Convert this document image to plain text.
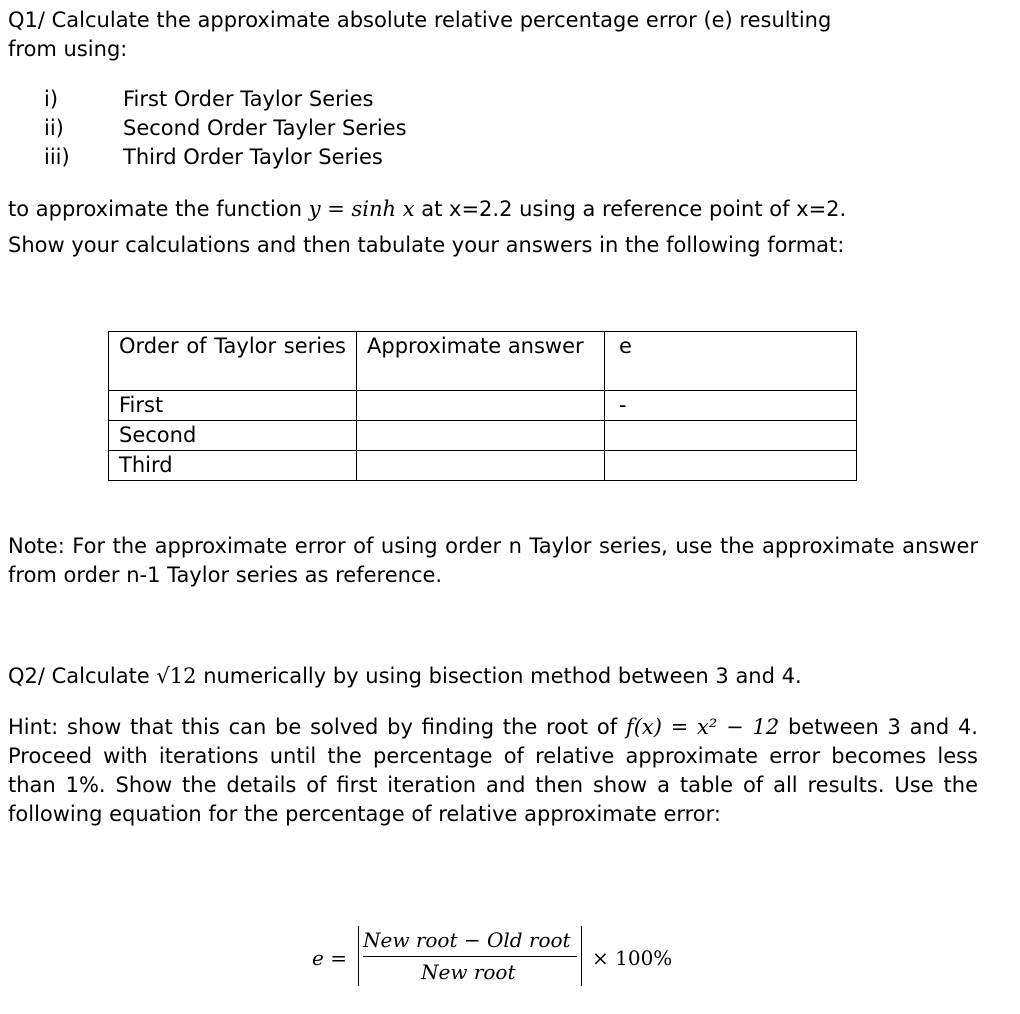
Q1/ Calculate the approximate absolute relative percentage error (e) resulting
from using:
i)	First Order Taylor Series
ii)	Second Order Tayler Series
iii)	Third Order Taylor Series
to approximate the function y = sinh x at x=2.2 using a reference point of x=2.
Show your calculations and then tabulate your answers in the following format:
Order of Taylor series	Approximate answer	e
First		-
Second		
Third		
Note: For the approximate error of using order n Taylor series, use the approximate answer from order n-1 Taylor series as reference.
Q2/ Calculate √12 numerically by using bisection method between 3 and 4.
Hint: show that this can be solved by finding the root of f(x) = x² − 12 between 3 and 4. Proceed with iterations until the percentage of relative approximate error becomes less than 1%. Show the details of first iteration and then show a table of all results. Use the following equation for the percentage of relative approximate error:
e =
New root − Old root
New root
× 100%
